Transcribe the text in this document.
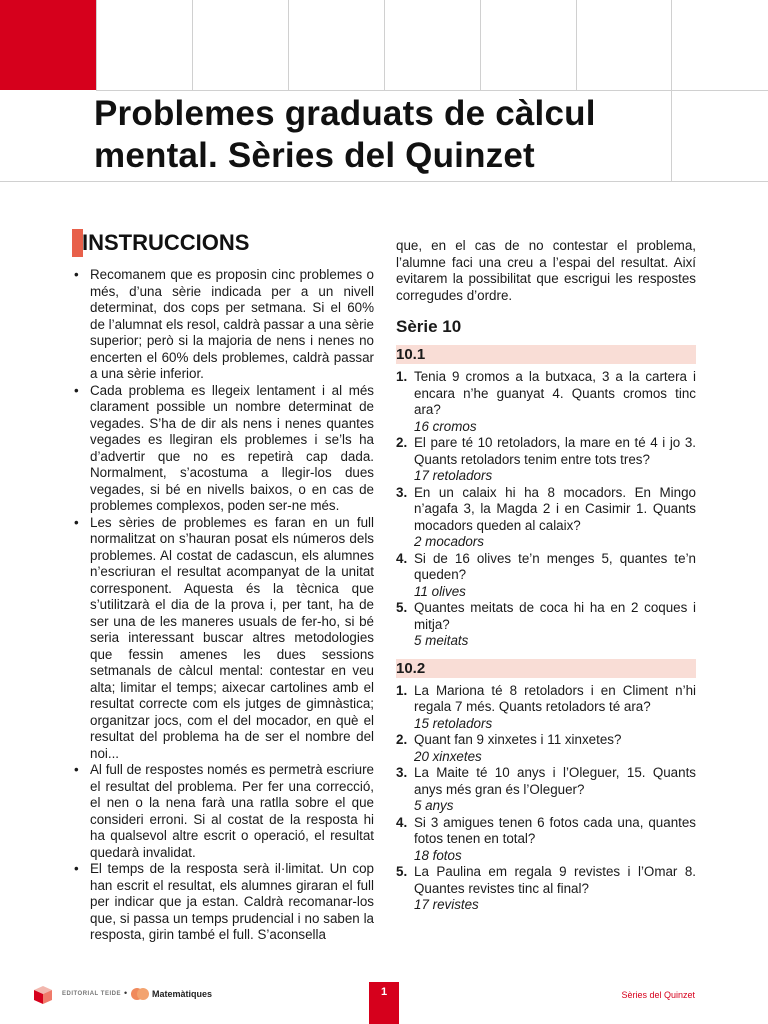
Problemes graduats de càlcul mental. Sèries del Quinzet
INSTRUCCIONS
• Recomanem que es proposin cinc problemes o més, d’una sèrie indicada per a un nivell determinat, dos cops per setmana. Si el 60% de l’alumnat els resol, caldrà passar a una sèrie superior; però si la majoria de nens i nenes no encerten el 60% dels problemes, caldrà passar a una sèrie inferior.
• Cada problema es llegeix lentament i al més clarament possible un nombre determinat de vegades. S’ha de dir als nens i nenes quantes vegades es llegiran els problemes i se’ls ha d’advertir que no es repetirà cap dada. Normalment, s’acostuma a llegir-los dues vegades, si bé en nivells baixos, o en cas de problemes complexos, poden ser-ne més.
• Les sèries de problemes es faran en un full normalitzat on s’hauran posat els números dels problemes. Al costat de cadascun, els alumnes n’escriuran el resultat acompanyat de la unitat corresponent. Aquesta és la tècnica que s’utilitzarà el dia de la prova i, per tant, ha de ser una de les maneres usuals de fer-ho, si bé seria interessant buscar altres metodologies que fessin amenes les dues sessions setmanals de càlcul mental: contestar en veu alta; limitar el temps; aixecar cartolines amb el resultat correcte com els jutges de gimnàstica; organitzar jocs, com el del mocador, en què el resultat del problema ha de ser el nombre del noi...
• Al full de respostes només es permetrà escriure el resultat del problema. Per fer una correcció, el nen o la nena farà una ratlla sobre el que consideri erroni. Si al costat de la resposta hi ha qualsevol altre escrit o operació, el resultat quedarà invalidat.
• El temps de la resposta serà il·limitat. Un cop han escrit el resultat, els alumnes giraran el full per indicar que ja estan. Caldrà recomanar-los que, si passa un temps prudencial i no saben la resposta, girin també el full. S’aconsella

que, en el cas de no contestar el problema, l’alumne faci una creu a l’espai del resultat. Així evitarem la possibilitat que escrigui les respostes corregudes d’ordre.

Sèrie 10
10.1
1. Tenia 9 cromos a la butxaca, 3 a la cartera i encara n’he guanyat 4. Quants cromos tinc ara?
16 cromos
2. El pare té 10 retoladors, la mare en té 4 i jo 3. Quants retoladors tenim entre tots tres?
17 retoladors
3. En un calaix hi ha 8 mocadors. En Mingo n’agafa 3, la Magda 2 i en Casimir 1. Quants mocadors queden al calaix?
2 mocadors
4. Si de 16 olives te’n menges 5, quantes te’n queden?
11 olives
5. Quantes meitats de coca hi ha en 2 coques i mitja?
5 meitats
10.2
1. La Mariona té 8 retoladors i en Climent n’hi regala 7 més. Quants retoladors té ara?
15 retoladors
2. Quant fan 9 xinxetes i 11 xinxetes?
20 xinxetes
3. La Maite té 10 anys i l’Oleguer, 15. Quants anys més gran és l’Oleguer?
5 anys
4. Si 3 amigues tenen 6 fotos cada una, quantes fotos tenen en total?
18 fotos
5. La Paulina em regala 9 revistes i l’Omar 8. Quantes revistes tinc al final?
17 revistes
EDITORIAL TEIDE •	Matemàtiques	1	Sèries del Quinzet
